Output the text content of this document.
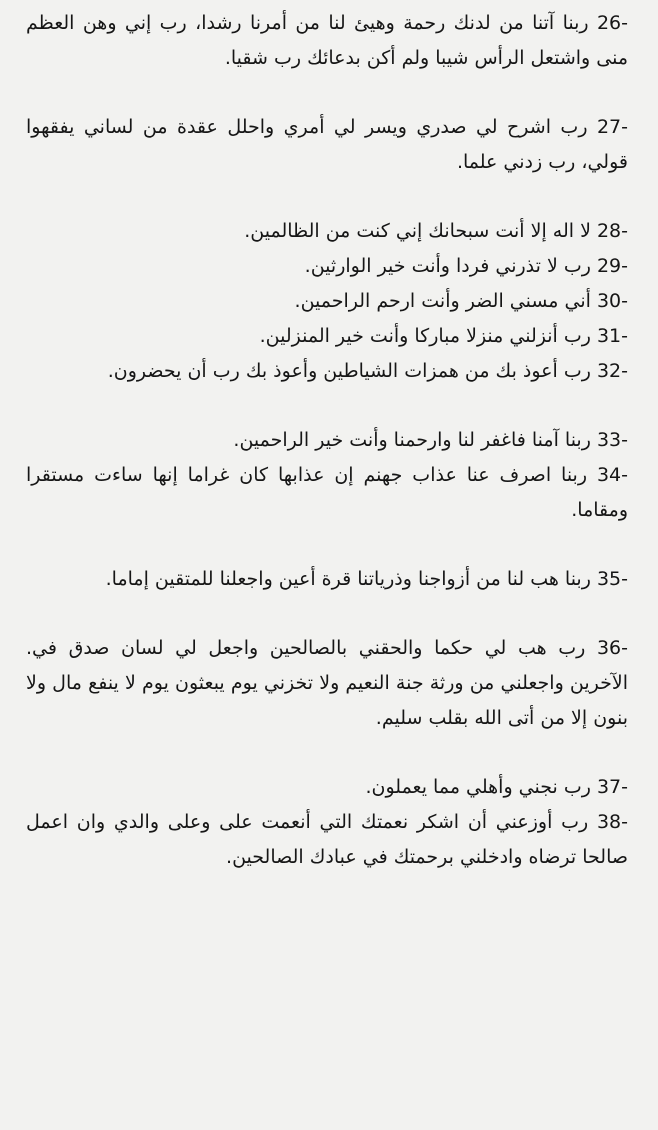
26- ربنا آتنا من لدنك رحمة وهيئ لنا من أمرنا رشدا، رب إني وهن العظم منى واشتعل الرأس شيبا ولم أكن بدعائك رب شقيا.

27- رب اشرح لي صدري ويسر لي أمري واحلل عقدة من لساني يفقهوا قولي، رب زدني علما.

28- لا اله إلا أنت سبحانك إني كنت من الظالمين.

29- رب لا تذرني فردا وأنت خير الوارثين.

30- أني مسني الضر وأنت ارحم الراحمين.

31- رب أنزلني منزلا مباركا وأنت خير المنزلين.

32- رب أعوذ بك من همزات الشياطين وأعوذ بك رب أن يحضرون.

33- ربنا آمنا فاغفر لنا وارحمنا وأنت خير الراحمين.

34- ربنا اصرف عنا عذاب جهنم إن عذابها كان غراما إنها ساءت مستقرا ومقاما.

35- ربنا هب لنا من أزواجنا وذرياتنا قرة أعين واجعلنا للمتقين إماما.

36- رب هب لي حكما والحقني بالصالحين واجعل لي لسان صدق في. الآخرين واجعلني من ورثة جنة النعيم ولا تخزني يوم يبعثون يوم لا ينفع مال ولا بنون إلا من أتى الله بقلب سليم.

37- رب نجني وأهلي مما يعملون.

38- رب أوزعني أن اشكر نعمتك التي أنعمت على وعلى والدي وان اعمل صالحا ترضاه وادخلني برحمتك في عبادك الصالحين.
